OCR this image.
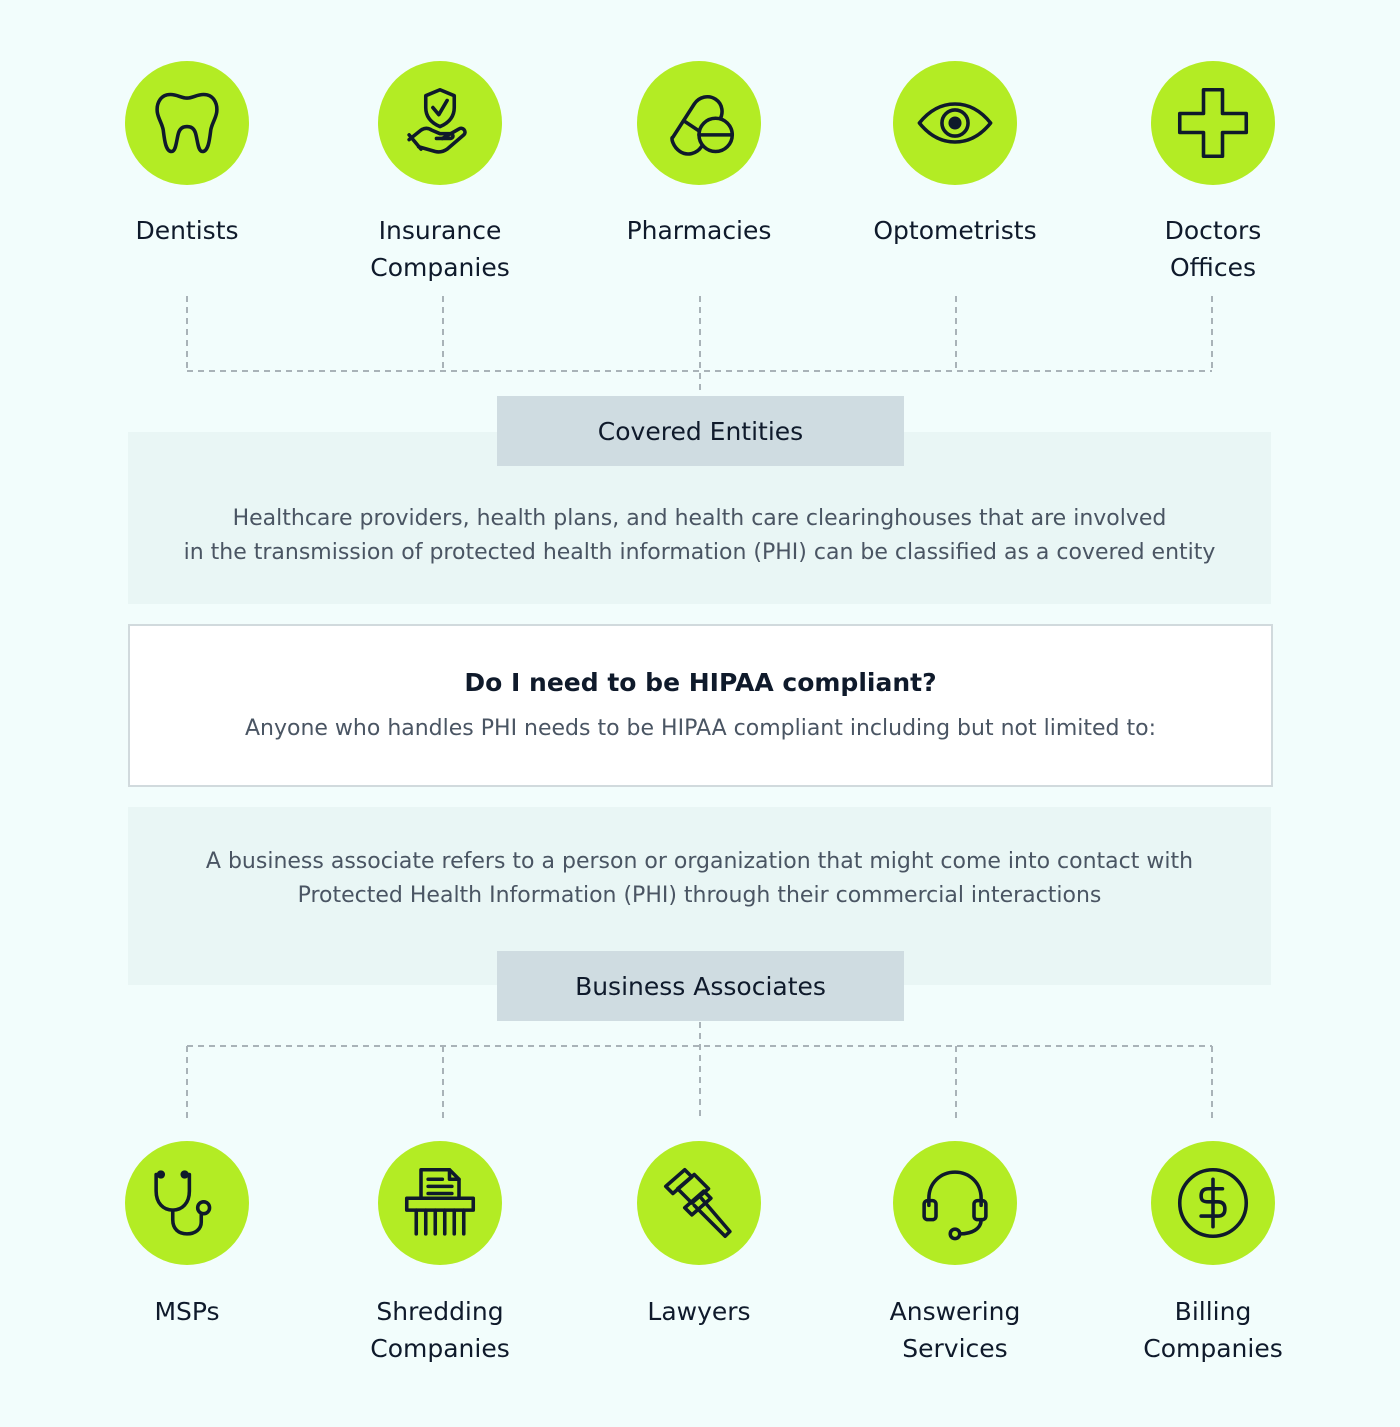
Dentists	Insurance
Companies
Pharmacies	Optometrists	Doctors
Offices
Covered Entities
Healthcare providers, health plans, and health care clearinghouses that are involved
in the transmission of protected health information (PHI) can be classified as a covered entity
Do I need to be HIPAA compliant?
Anyone who handles PHI needs to be HIPAA compliant including but not limited to:
A business associate refers to a person or organization that might come into contact with
Protected Health Information (PHI) through their commercial interactions
Business Associates
MSPs	Shredding
Companies
Lawyers	Answering
Services
Billing
Companies
